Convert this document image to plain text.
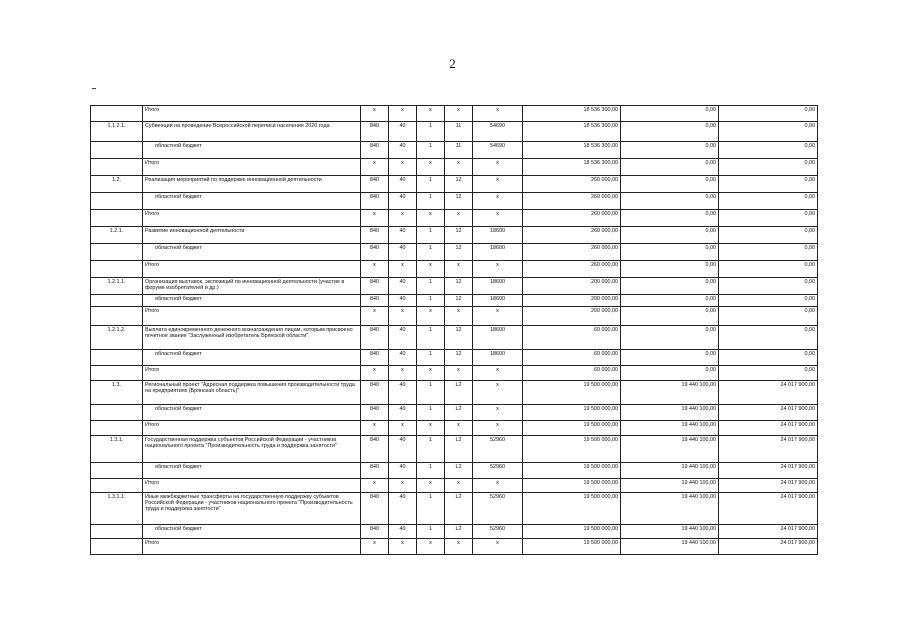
2
	Итого	x	x	x	x	x	18 536 300,00	0,00	0,00
1.1.2.1.	Субвенции на проведение Всероссийской переписи населения 2020 года	840	40	1	11	54690	18 536 300,00	0,00	0,00
	областной бюджет	840	40	1	11	54690	18 536 300,00	0,00	0,00
	Итого	x	x	x	x	x	18 536 300,00	0,00	0,00
1.2.	Реализация мероприятий по поддержке инновационной деятельности	840	40	1	12	x	260 000,00	0,00	0,00
	областной бюджет	840	40	1	12	x	260 000,00	0,00	0,00
	Итого	x	x	x	x	x	260 000,00	0,00	0,00
1.2.1.	Развитие инновационной деятельности	840	40	1	12	18600	260 000,00	0,00	0,00
	областной бюджет	840	40	1	12	18600	260 000,00	0,00	0,00
	Итого	x	x	x	x	x	260 000,00	0,00	0,00
1.2.1.1.	Организация выставок, экспозиций по инновационной деятельности (участие в форуме изобретателей и др.)	840	40	1	12	18600	200 000,00	0,00	0,00
	областной бюджет	840	40	1	12	18600	200 000,00	0,00	0,00
	Итого	x	x	x	x	x	200 000,00	0,00	0,00
1.2.1.2.	Выплата единовременного денежного вознаграждения лицам, которым присвоено почетное звание "Заслуженный изобретатель Брянской области"	840	40	1	12	18600	60 000,00	0,00	0,00
	областной бюджет	840	40	1	12	18600	60 000,00	0,00	0,00
	Итого	x	x	x	x	x	60 000,00	0,00	0,00
1.3.	Региональный проект "Адресная поддержка повышения производительности труда на предприятиях (Брянская область)"	840	40	1	L2	x	19 500 000,00	19 440 100,00	24 017 900,00
	областной бюджет	840	40	1	L2	x	19 500 000,00	19 440 100,00	24 017 900,00
	Итого	x	x	x	x	x	19 500 000,00	19 440 100,00	24 017 900,00
1.3.1.	Государственная поддержка субъектов Российской Федерации - участников национального проекта "Производительность труда и поддержка занятости"	840	40	1	L2	52960	19 500 000,00	19 440 100,00	24 017 900,00
	областной бюджет	840	40	1	L2	52960	19 500 000,00	19 440 100,00	24 017 900,00
	Итого	x	x	x	x	x	19 500 000,00	19 440 100,00	24 017 900,00
1.3.1.1.	Иные межбюджетные трансферты на государственную поддержку субъектов Российской Федерации - участников национального проекта "Производительность труда и поддержка занятости"	840	40	1	L2	52960	19 500 000,00	19 440 100,00	24 017 900,00
	областной бюджет	840	40	1	L2	52960	19 500 000,00	19 440 100,00	24 017 900,00
	Итого	x	x	x	x	x	19 500 000,00	19 440 100,00	24 017 900,00
